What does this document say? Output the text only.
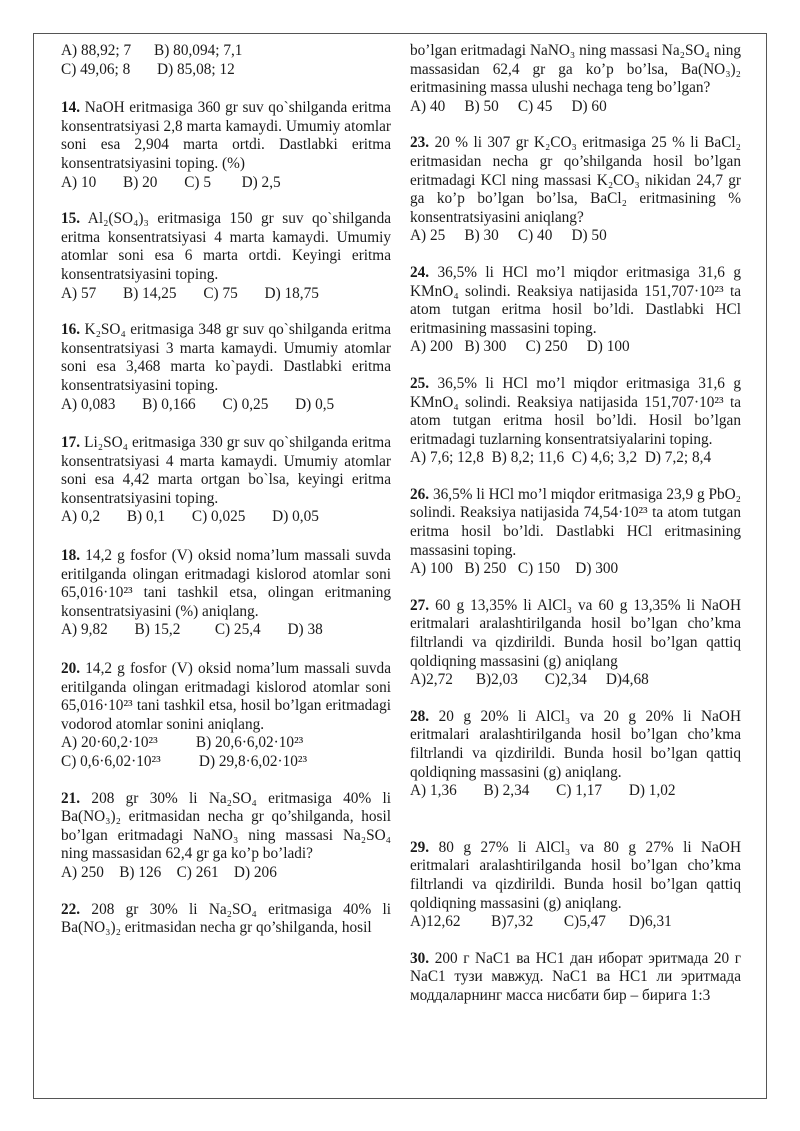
A) 88,92; 7      B) 80,094; 7,1

C) 49,06; 8       D) 85,08; 12

14. NaOH eritmasiga 360 gr suv qo`shilganda eritma konsentratsiyasi 2,8 marta kamaydi. Umumiy atomlar soni esa 2,904 marta ortdi. Dastlabki eritma konsentratsiyasini toping. (%)

A) 10       B) 20       C) 5        D) 2,5

15. Al₂(SO₄)₃ eritmasiga 150 gr suv qo`shilganda eritma konsentratsiyasi 4 marta kamaydi. Umumiy atomlar soni esa 6 marta ortdi. Keyingi eritma konsentratsiyasini toping.

A) 57       B) 14,25       C) 75       D) 18,75

16. K₂SO₄ eritmasiga 348 gr suv qo`shilganda eritma konsentratsiyasi 3 marta kamaydi. Umumiy atomlar soni esa 3,468 marta ko`paydi. Dastlabki eritma konsentratsiyasini toping.

A) 0,083       B) 0,166       C) 0,25       D) 0,5

17. Li₂SO₄ eritmasiga 330 gr suv qo`shilganda eritma konsentratsiyasi 4 marta kamaydi. Umumiy atomlar soni esa 4,42 marta ortgan bo`lsa, keyingi eritma konsentratsiyasini toping.

A) 0,2       B) 0,1       C) 0,025       D) 0,05

18. 14,2 g fosfor (V) oksid noma’lum massali suvda eritilganda olingan eritmadagi kislorod atomlar soni 65,016·10²³ tani tashkil etsa, olingan eritmaning konsentratsiyasini (%) aniqlang.

A) 9,82       B) 15,2         C) 25,4       D) 38

20. 14,2 g fosfor (V) oksid noma’lum massali suvda eritilganda olingan eritmadagi kislorod atomlar soni 65,016·10²³ tani tashkil etsa, hosil bo’lgan eritmadagi vodorod atomlar sonini aniqlang.

A) 20·60,2·10²³          B) 20,6·6,02·10²³

C) 0,6·6,02·10²³          D) 29,8·6,02·10²³

21. 208 gr 30% li Na₂SO₄ eritmasiga 40% li Ba(NO₃)₂ eritmasidan necha gr qo’shilganda, hosil bo’lgan eritmadagi NaNO₃ ning massasi Na₂SO₄ ning massasidan 62,4 gr ga ko’p bo’ladi?

A) 250    B) 126    C) 261    D) 206

22. 208 gr 30% li Na₂SO₄ eritmasiga 40% li Ba(NO₃)₂ eritmasidan necha gr qo’shilganda, hosil

bo’lgan eritmadagi NaNO₃ ning massasi Na₂SO₄ ning massasidan 62,4 gr ga ko’p bo’lsa, Ba(NO₃)₂ eritmasining massa ulushi nechaga teng bo’lgan?

A) 40     B) 50     C) 45     D) 60

23. 20 % li 307 gr K₂CO₃ eritmasiga 25 % li BaCl₂ eritmasidan necha gr qo’shilganda hosil bo’lgan eritmadagi KCl ning massasi K₂CO₃ nikidan 24,7 gr ga ko’p bo’lgan bo’lsa, BaCl₂ eritmasining % konsentratsiyasini aniqlang?

A) 25     B) 30     C) 40     D) 50

24. 36,5% li HCl mo’l miqdor eritmasiga 31,6 g KMnO₄ solindi. Reaksiya natijasida 151,707·10²³ ta atom tutgan eritma hosil bo’ldi. Dastlabki HCl eritmasining massasini toping.

A) 200   B) 300     C) 250     D) 100

25. 36,5% li HCl mo’l miqdor eritmasiga 31,6 g KMnO₄ solindi. Reaksiya natijasida 151,707·10²³ ta atom tutgan eritma hosil bo’ldi. Hosil bo’lgan eritmadagi tuzlarning konsentratsiyalarini toping.

A) 7,6; 12,8  B) 8,2; 11,6  C) 4,6; 3,2  D) 7,2; 8,4

26. 36,5% li HCl mo’l miqdor eritmasiga 23,9 g PbO₂ solindi. Reaksiya natijasida 74,54·10²³ ta atom tutgan eritma hosil bo’ldi. Dastlabki HCl eritmasining massasini toping.

A) 100   B) 250   C) 150    D) 300

27. 60 g 13,35% li AlCl₃ va 60 g 13,35% li NaOH eritmalari aralashtirilganda hosil bo’lgan cho’kma filtrlandi va qizdirildi. Bunda hosil bo’lgan qattiq qoldiqning massasini (g) aniqlang

A)2,72      B)2,03       C)2,34     D)4,68

28. 20 g 20% li AlCl₃ va 20 g 20% li NaOH eritmalari aralashtirilganda hosil bo’lgan cho’kma filtrlandi va qizdirildi. Bunda hosil bo’lgan qattiq qoldiqning massasini (g) aniqlang.

A) 1,36       B) 2,34       C) 1,17       D) 1,02

29. 80 g 27% li AlCl₃ va 80 g 27% li NaOH eritmalari aralashtirilganda hosil bo’lgan cho’kma filtrlandi va qizdirildi. Bunda hosil bo’lgan qattiq qoldiqning massasini (g) aniqlang.

A)12,62        B)7,32        C)5,47      D)6,31

30. 200 г NaC1 ва HC1 дан иборат эритмада 20 г NaC1 тузи мавжуд. NaC1 ва HC1 ли эритмада моддаларнинг масса нисбати бир – бирига 1:3
